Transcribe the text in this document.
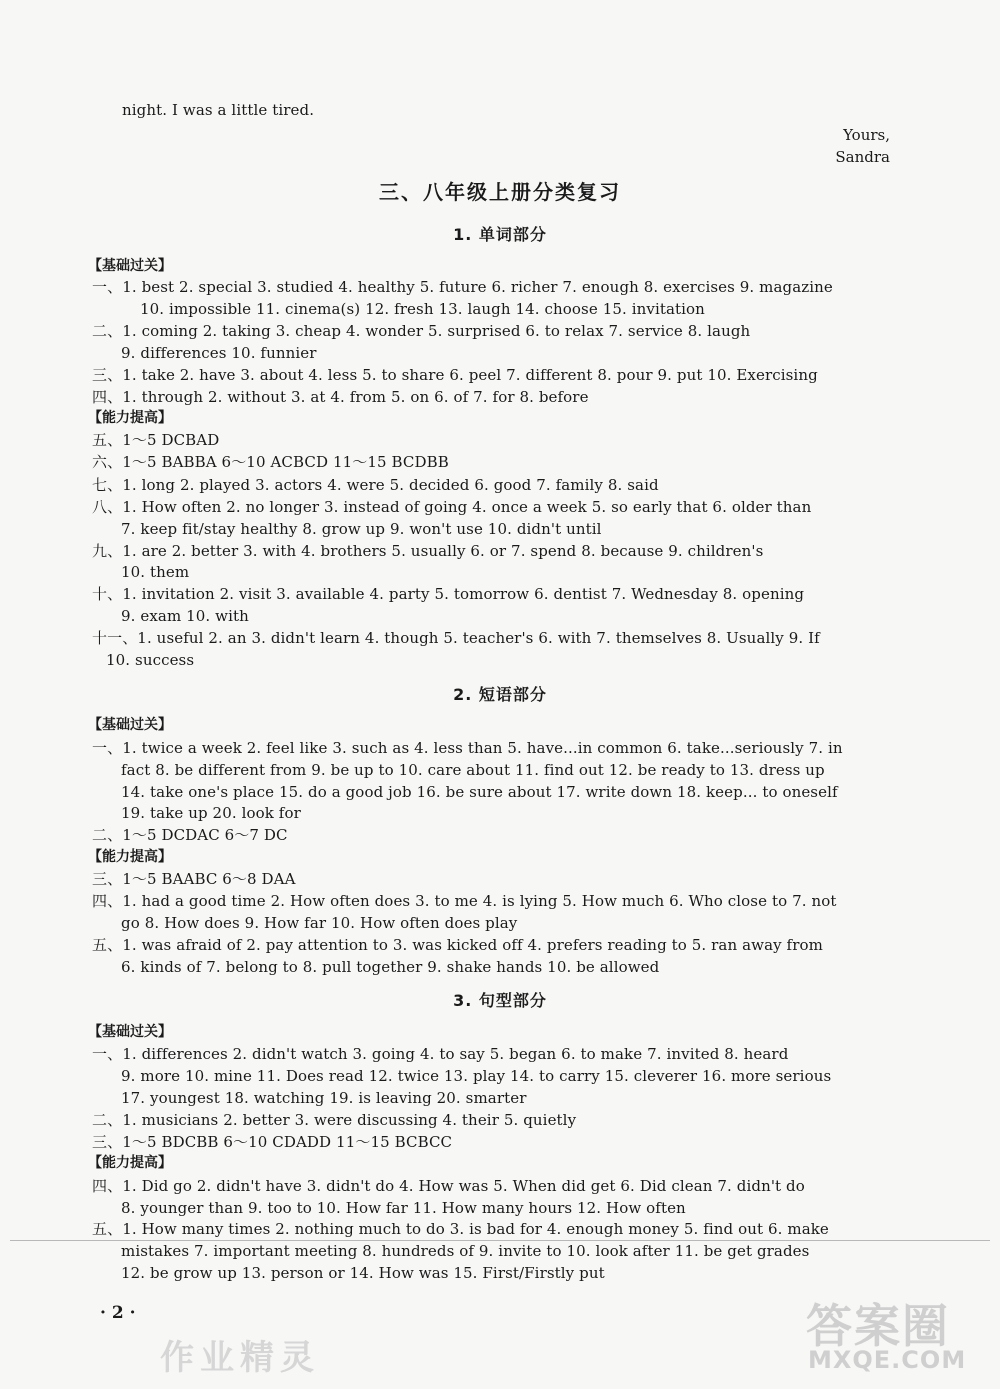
night. I was a little tired.
Yours,
Sandra
三、八年级上册分类复习
1. 单词部分
【基础过关】
一、1. best 2. special 3. studied 4. healthy 5. future 6. richer 7. enough 8. exercises 9. magazine
10. impossible 11. cinema(s) 12. fresh 13. laugh 14. choose 15. invitation
二、1. coming 2. taking 3. cheap 4. wonder 5. surprised 6. to relax 7. service 8. laugh
9. differences 10. funnier
三、1. take 2. have 3. about 4. less 5. to share 6. peel 7. different 8. pour 9. put 10. Exercising
四、1. through 2. without 3. at 4. from 5. on 6. of 7. for 8. before
【能力提高】
五、1～5 DCBAD
六、1～5 BABBA 6～10 ACBCD 11～15 BCDBB
七、1. long 2. played 3. actors 4. were 5. decided 6. good 7. family 8. said
八、1. How often 2. no longer 3. instead of going 4. once a week 5. so early that 6. older than
7. keep fit/stay healthy 8. grow up 9. won't use 10. didn't until
九、1. are 2. better 3. with 4. brothers 5. usually 6. or 7. spend 8. because 9. children's
10. them
十、1. invitation 2. visit 3. available 4. party 5. tomorrow 6. dentist 7. Wednesday 8. opening
9. exam 10. with
十一、1. useful 2. an 3. didn't learn 4. though 5. teacher's 6. with 7. themselves 8. Usually 9. If
10. success
2. 短语部分
【基础过关】
一、1. twice a week 2. feel like 3. such as 4. less than 5. have...in common 6. take...seriously 7. in
fact 8. be different from 9. be up to 10. care about 11. find out 12. be ready to 13. dress up
14. take one's place 15. do a good job 16. be sure about 17. write down 18. keep... to oneself
19. take up 20. look for
二、1～5 DCDAC 6～7 DC
【能力提高】
三、1～5 BAABC 6～8 DAA
四、1. had a good time 2. How often does 3. to me 4. is lying 5. How much 6. Who close to 7. not
go 8. How does 9. How far 10. How often does play
五、1. was afraid of 2. pay attention to 3. was kicked off 4. prefers reading to 5. ran away from
6. kinds of 7. belong to 8. pull together 9. shake hands 10. be allowed
3. 句型部分
【基础过关】
一、1. differences 2. didn't watch 3. going 4. to say 5. began 6. to make 7. invited 8. heard
9. more 10. mine 11. Does read 12. twice 13. play 14. to carry 15. cleverer 16. more serious
17. youngest 18. watching 19. is leaving 20. smarter
二、1. musicians 2. better 3. were discussing 4. their 5. quietly
三、1～5 BDCBB 6～10 CDADD 11～15 BCBCC
【能力提高】
四、1. Did go 2. didn't have 3. didn't do 4. How was 5. When did get 6. Did clean 7. didn't do
8. younger than 9. too to 10. How far 11. How many hours 12. How often
五、1. How many times 2. nothing much to do 3. is bad for 4. enough money 5. find out 6. make
mistakes 7. important meeting 8. hundreds of 9. invite to 10. look after 11. be get grades
12. be grow up 13. person or 14. How was 15. First/Firstly put
· 2 ·
作业精灵
答案圈
MXQE.COM
